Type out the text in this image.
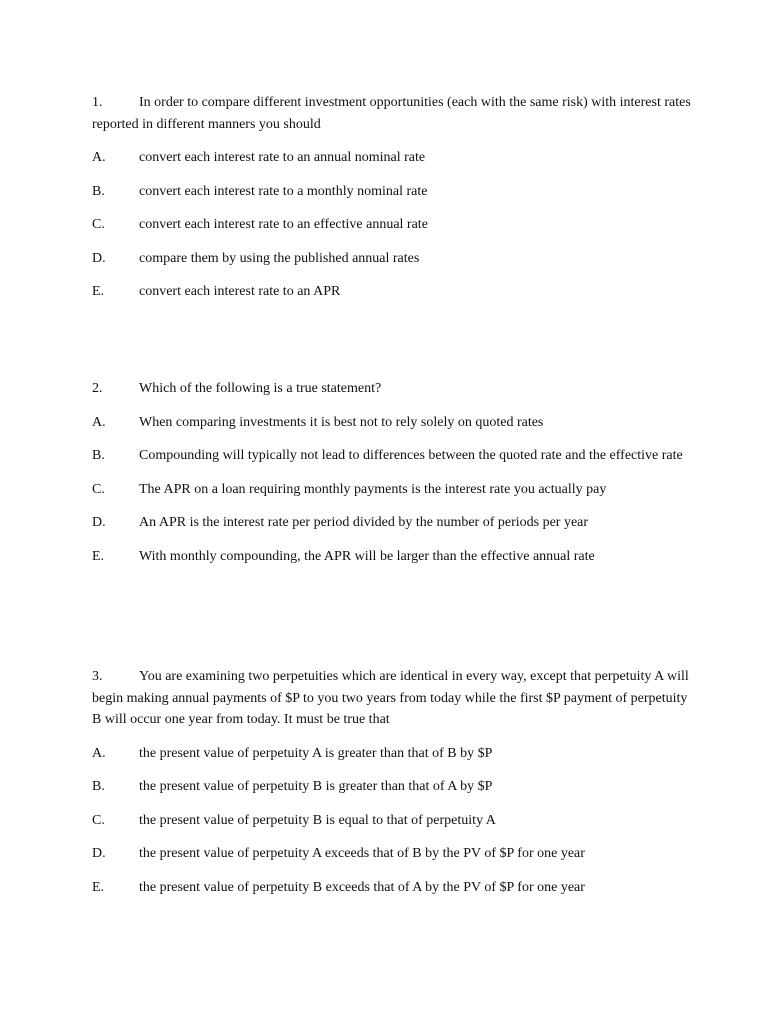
1.	In order to compare different investment opportunities (each with the same risk) with interest rates reported in different manners you should

A. convert each interest rate to an annual nominal rate

B. convert each interest rate to a monthly nominal rate

C. convert each interest rate to an effective annual rate

D. compare them by using the published annual rates

E. convert each interest rate to an APR

2.	Which of the following is a true statement?

A. When comparing investments it is best not to rely solely on quoted rates

B. Compounding will typically not lead to differences between the quoted rate and the effective rate

C. The APR on a loan requiring monthly payments is the interest rate you actually pay

D. An APR is the interest rate per period divided by the number of periods per year

E. With monthly compounding, the APR will be larger than the effective annual rate

3.	You are examining two perpetuities which are identical in every way, except that perpetuity A will begin making annual payments of $P to you two years from today while the first $P payment of perpetuity B will occur one year from today. It must be true that

A. the present value of perpetuity A is greater than that of B by $P

B. the present value of perpetuity B is greater than that of A by $P

C. the present value of perpetuity B is equal to that of perpetuity A

D. the present value of perpetuity A exceeds that of B by the PV of $P for one year

E. the present value of perpetuity B exceeds that of A by the PV of $P for one year
